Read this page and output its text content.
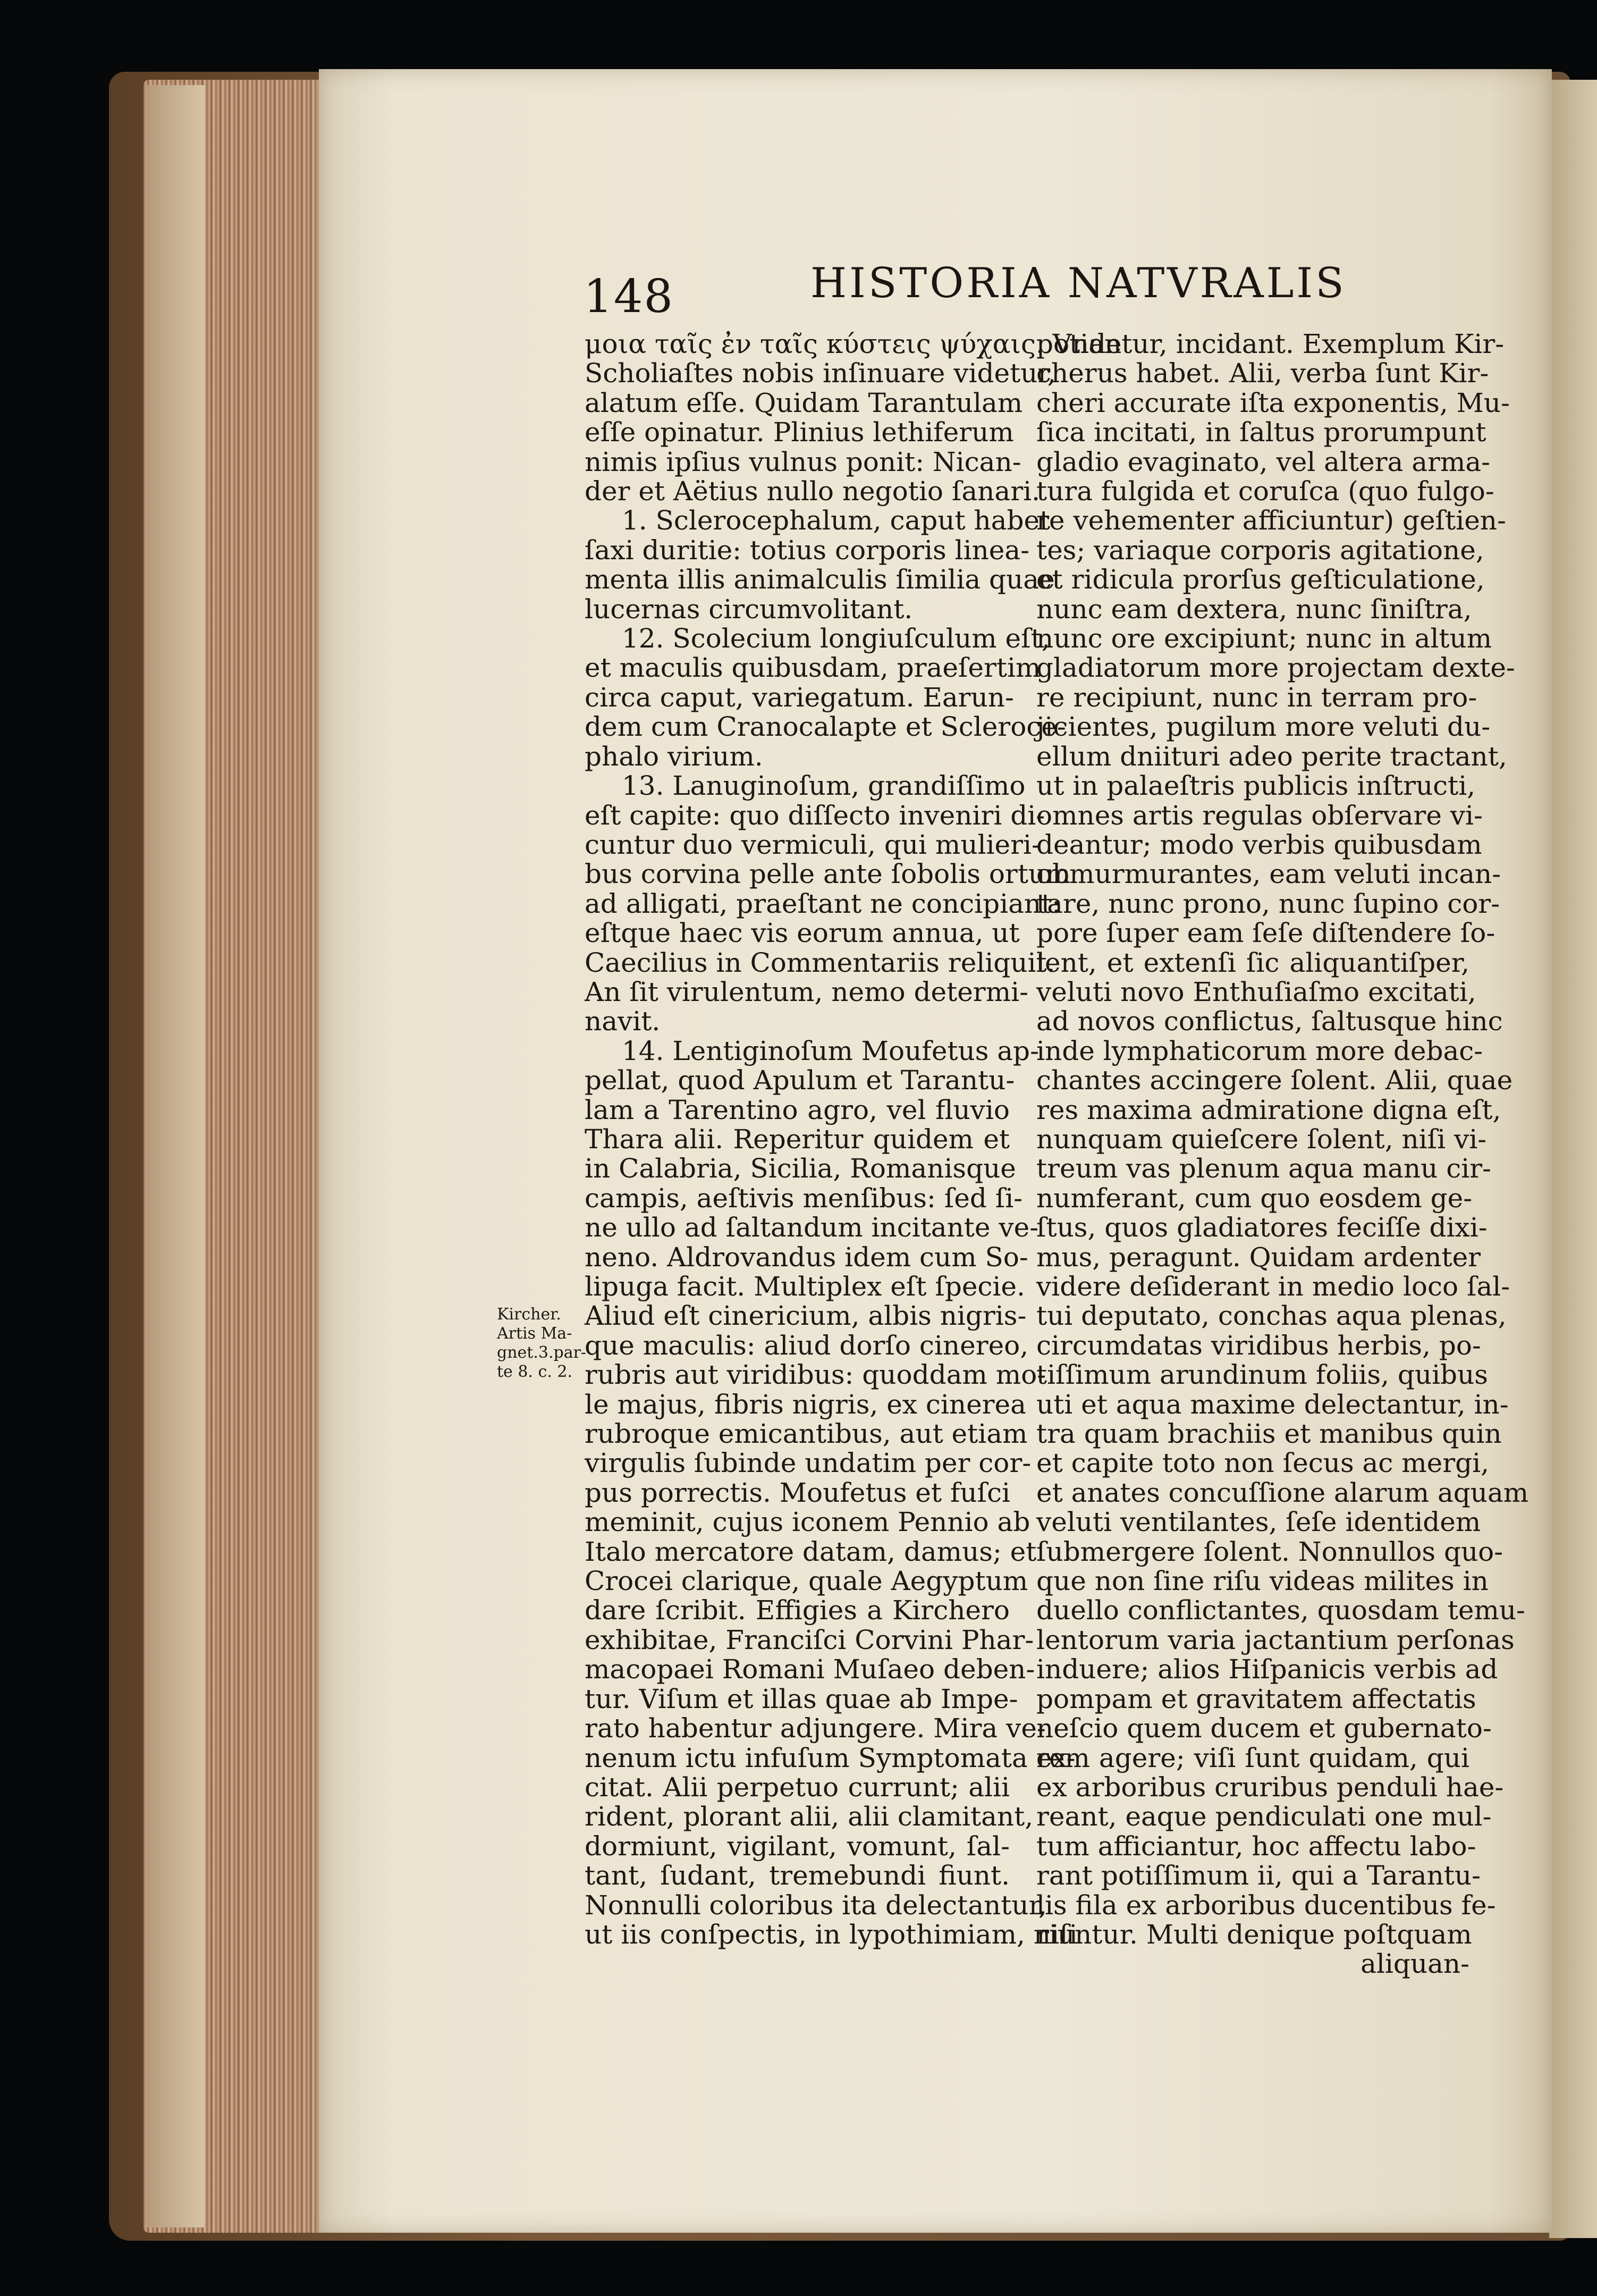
148	HISTORIA NATVRALIS
Kircher.
Artis Ma-
gnet.3.par-
te 8. c. 2.
μοια ταῖς ἐν ταῖς κύστεις ψύχαις. Vnde
Scholiaſtes nobis inſinuare videtur,
alatum eſſe. Quidam Tarantulam
eſſe opinatur. Plinius lethiferum
nimis ipſius vulnus ponit: Nican-
der et Aëtius nullo negotio ſanari.
1. Sclerocephalum, caput habet
ſaxi duritie: totius corporis linea-
menta illis animalculis ſimilia quae
lucernas circumvolitant.
12. Scolecium longiuſculum eſt,
et maculis quibusdam, praeſertim
circa caput, variegatum. Earun-
dem cum Cranocalapte et Scleroce-
phalo virium.
13. Lanuginoſum, grandiſſimo
eſt capite: quo diſſecto inveniri di-
cuntur duo vermiculi, qui mulieri-
bus corvina pelle ante ſobolis ortum
ad alligati, praeſtant ne concipiant:
eſtque haec vis eorum annua, ut
Caecilius in Commentariis reliquit.
An ſit virulentum, nemo determi-
navit.
14. Lentiginoſum Moufetus ap-
pellat, quod Apulum et Tarantu-
lam a Tarentino agro, vel fluvio
Thara alii. Reperitur quidem et
in Calabria, Sicilia, Romanisque
campis, aeſtivis menſibus: ſed ſi-
ne ullo ad ſaltandum incitante ve-
neno. Aldrovandus idem cum So-
lipuga facit. Multiplex eſt ſpecie.
Aliud eſt cinericium, albis nigris-
que maculis: aliud dorſo cinereo,
rubris aut viridibus: quoddam mo-
le majus, fibris nigris, ex cinerea
rubroque emicantibus, aut etiam
virgulis ſubinde undatim per cor-
pus porrectis. Moufetus et fuſci
meminit, cujus iconem Pennio ab
Italo mercatore datam, damus; et
Crocei clarique, quale Aegyptum
dare ſcribit. Effigies a Kirchero
exhibitae, Franciſci Corvini Phar-
macopaei Romani Muſaeo deben-
tur. Viſum et illas quae ab Impe-
rato habentur adjungere. Mira ve-
nenum ictu infuſum Symptomata ex-
citat. Alii perpetuo currunt; alii
rident, plorant alii, alii clamitant,
dormiunt, vigilant, vomunt, ſal-
tant, ſudant, tremebundi fiunt.
Nonnulli coloribus ita delectantur,
ut iis conſpectis, in lypothimiam, niſi
potiantur, incidant. Exemplum Kir-
cherus habet. Alii, verba ſunt Kir-
cheri accurate iſta exponentis, Mu-
ſica incitati, in ſaltus prorumpunt
gladio evaginato, vel altera arma-
tura fulgida et coruſca (quo fulgo-
re vehementer afficiuntur) geſtien-
tes; variaque corporis agitatione,
et ridicula prorſus geſticulatione,
nunc eam dextera, nunc ſiniſtra,
nunc ore excipiunt; nunc in altum
gladiatorum more projectam dexte-
re recipiunt, nunc in terram pro-
jicientes, pugilum more veluti du-
ellum dniituri adeo perite tractant,
ut in palaeſtris publicis inſtructi,
omnes artis regulas obſervare vi-
deantur; modo verbis quibusdam
obmurmurantes, eam veluti incan-
tare, nunc prono, nunc ſupino cor-
pore ſuper eam ſeſe diſtendere ſo-
lent, et extenſi ſic aliquantiſper,
veluti novo Enthuſiaſmo excitati,
ad novos conflictus, ſaltusque hinc
inde lymphaticorum more debac-
chantes accingere ſolent. Alii, quae
res maxima admiratione digna eſt,
nunquam quieſcere ſolent, niſi vi-
treum vas plenum aqua manu cir-
numferant, cum quo eosdem ge-
ſtus, quos gladiatores feciſſe dixi-
mus, peragunt. Quidam ardenter
videre deſiderant in medio loco ſal-
tui deputato, conchas aqua plenas,
circumdatas viridibus herbis, po-
tiſſimum arundinum foliis, quibus
uti et aqua maxime delectantur, in-
tra quam brachiis et manibus quin
et capite toto non ſecus ac mergi,
et anates concuſſione alarum aquam
veluti ventilantes, ſeſe identidem
ſubmergere ſolent. Nonnullos quo-
que non ſine riſu videas milites in
duello conflictantes, quosdam temu-
lentorum varia jactantium perſonas
induere; alios Hiſpanicis verbis ad
pompam et gravitatem affectatis
neſcio quem ducem et gubernato-
rem agere; viſi ſunt quidam, qui
ex arboribus cruribus penduli hae-
reant, eaque pendiculati one mul-
tum afficiantur, hoc affectu labo-
rant potiſſimum ii, qui a Tarantu-
lis fila ex arboribus ducentibus fe-
riuntur. Multi denique poſtquam
aliquan-
